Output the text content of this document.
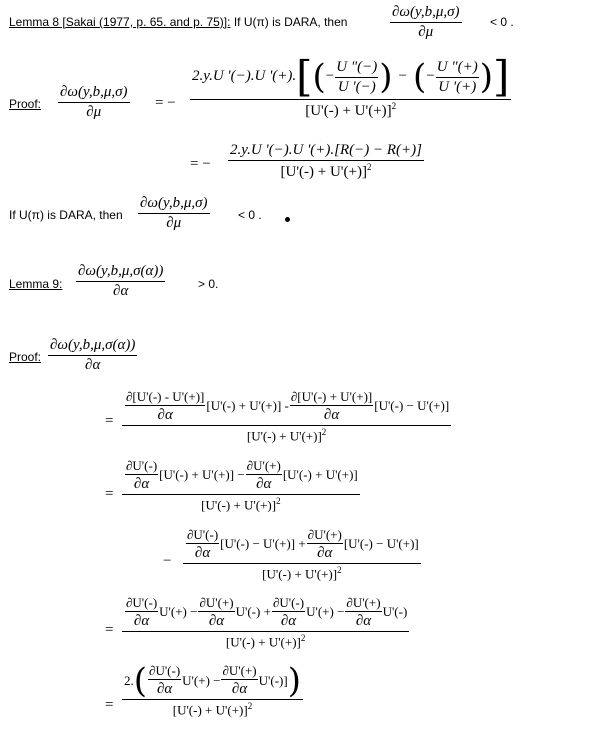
Lemma 8 [Sakai (1977, p. 65. and p. 75)]: If U(π) is DARA, then
∂ω(y,b,μ,σ)
∂μ
< 0 .
Proof:
∂ω(y,b,μ,σ)
∂μ
= −
2.y.U '(−).U '(+). [ ( − $\frac{U "(-)}{U '(-)}$ ) − ( − $\frac{U "(+)}{U '(+)}$ ) ]
$[U'(-) + U'(+)]^2$
= −
2.y.U '(−).U '(+).[R(−) − R(+)]
$[U'(-) + U'(+)]^2$
If U(π) is DARA, then
∂ω(y,b,μ,σ)
∂μ
< 0 .
Lemma 9:
∂ω(y,b,μ,σ(α))
∂α	> 0.
Proof:
∂ω(y,b,μ,σ(α))
∂α
= $\frac{\partial[U'(-) - U'(+)]}{\partial\alpha} [U'(-) + U'(+)] - \frac{\partial[U'(-) + U'(+)]}{\partial\alpha} [U'(-) - U'(+)]$
$[U'(-) + U'(+)]^2$
=
$\frac{\partial U'(-)}{\partial\alpha} [U'(-) + U'(+)] - \frac{\partial U'(+)}{\partial\alpha} [U'(-) + U'(+)]$
$[U'(-) + U'(+)]^2$
− $\frac{\partial U'(-)}{\partial\alpha} [U'(-) - U'(+)] + \frac{\partial U'(+)}{\partial\alpha} [U'(-) - U'(+)]$
$[U'(-) + U'(+)]^2$
=
$\frac{\partial U'(-)}{\partial\alpha} U'(+) - \frac{\partial U'(+)}{\partial\alpha} U'(-) + \frac{\partial U'(-)}{\partial\alpha} U'(+) - \frac{\partial U'(+)}{\partial\alpha} U'(-)$
$[U'(-) + U'(+)]^2$
=
2. ( $\frac{\partial U'(-)}{\partial\alpha} U'(+) - \frac{\partial U'(+)}{\partial\alpha} U'(-)$] )
$[U'(-) + U'(+)]^2$
